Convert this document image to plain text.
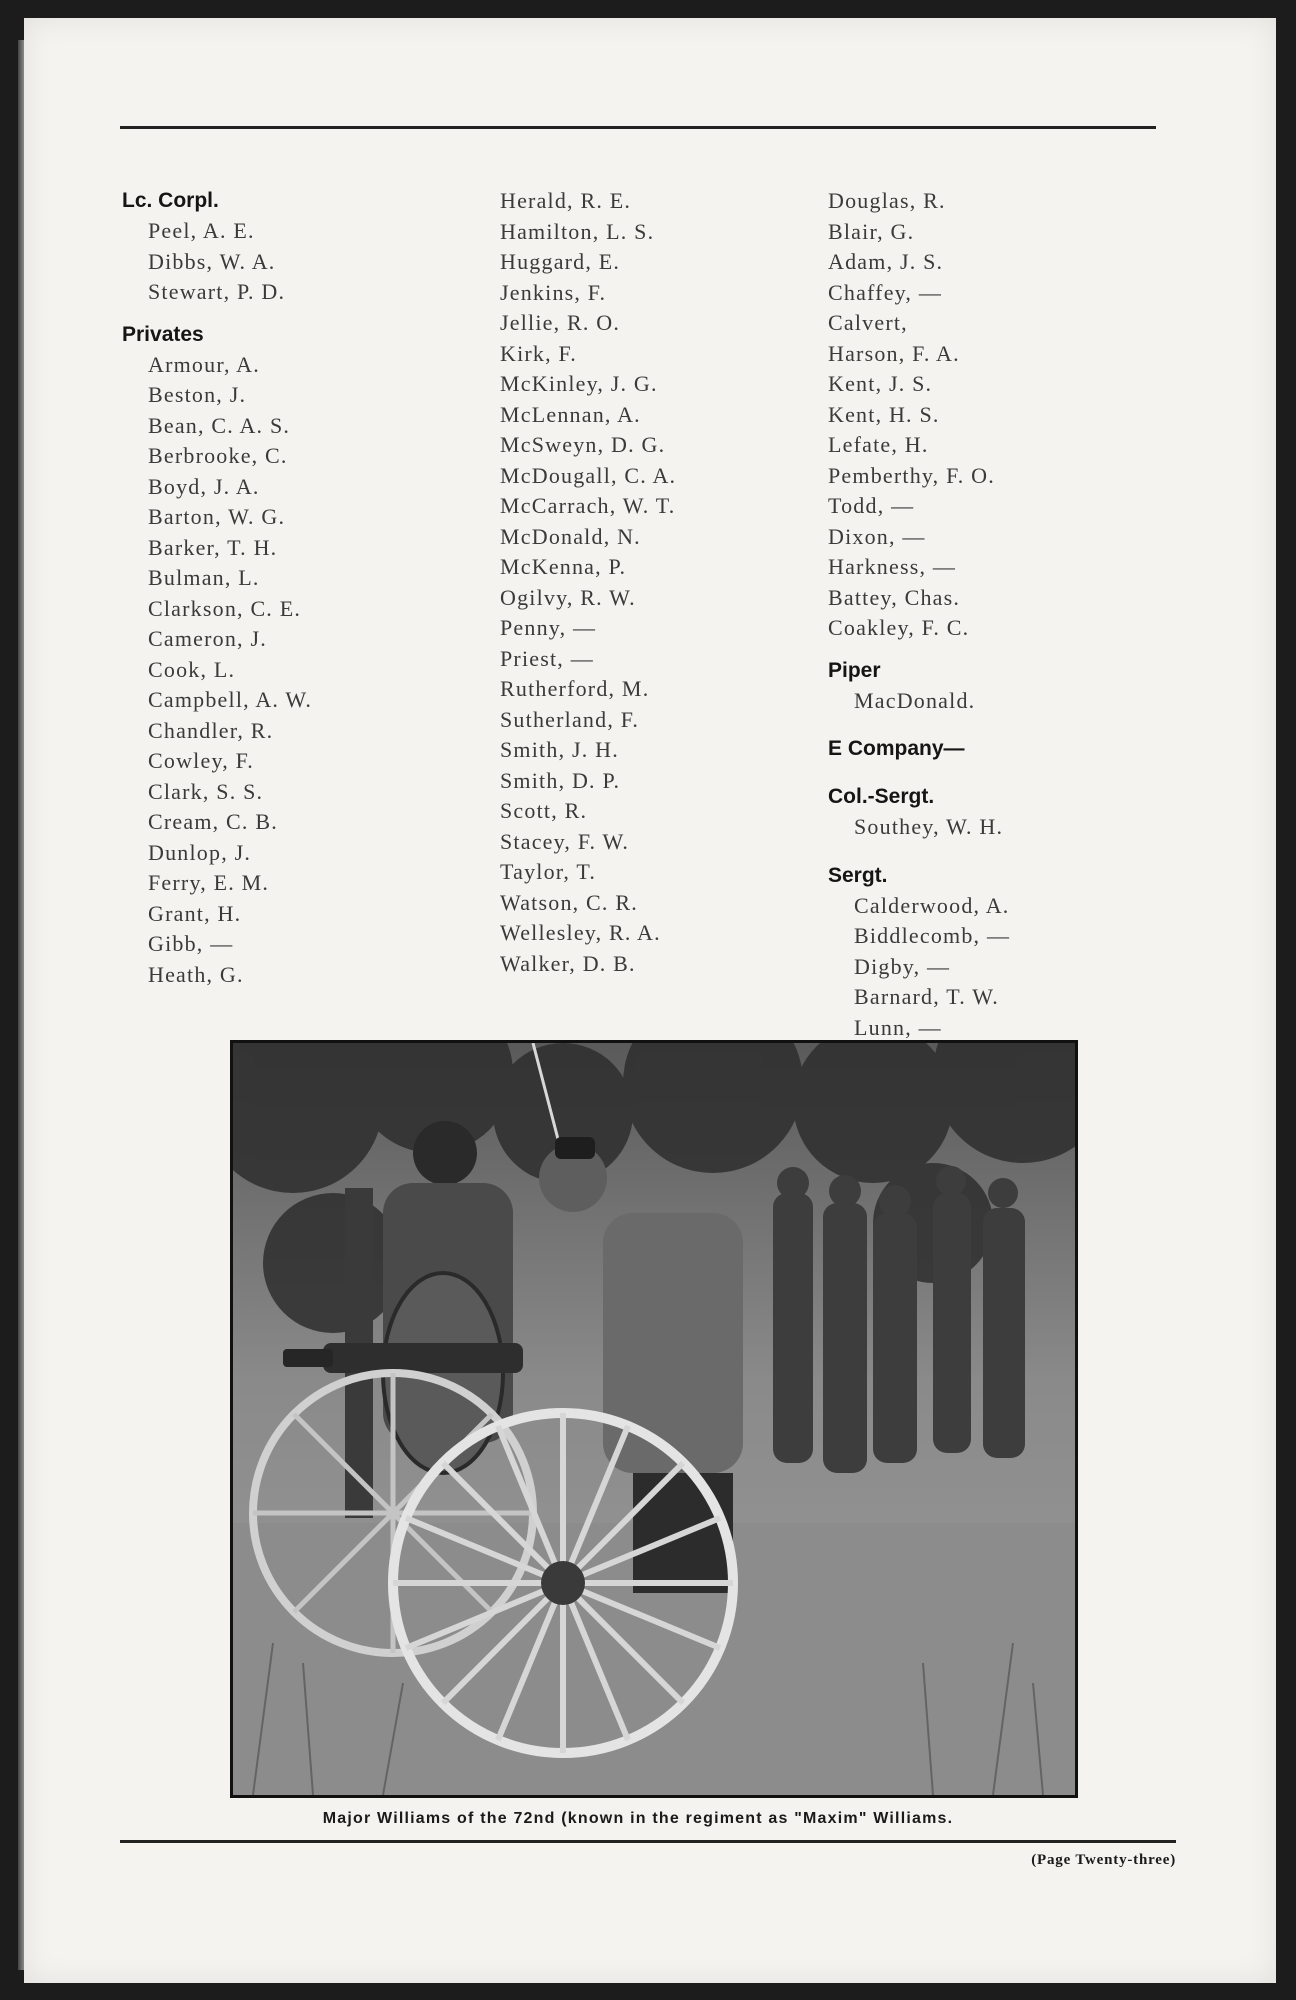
Lc. Corpl.
Peel, A. E.
Dibbs, W. A.
Stewart, P. D.
Privates
Armour, A.
Beston, J.
Bean, C. A. S.
Berbrooke, C.
Boyd, J. A.
Barton, W. G.
Barker, T. H.
Bulman, L.
Clarkson, C. E.
Cameron, J.
Cook, L.
Campbell, A. W.
Chandler, R.
Cowley, F.
Clark, S. S.
Cream, C. B.
Dunlop, J.
Ferry, E. M.
Grant, H.
Gibb, —
Heath, G.
Herald, R. E.
Hamilton, L. S.
Huggard, E.
Jenkins, F.
Jellie, R. O.
Kirk, F.
McKinley, J. G.
McLennan, A.
McSweyn, D. G.
McDougall, C. A.
McCarrach, W. T.
McDonald, N.
McKenna, P.
Ogilvy, R. W.
Penny, —
Priest, —
Rutherford, M.
Sutherland, F.
Smith, J. H.
Smith, D. P.
Scott, R.
Stacey, F. W.
Taylor, T.
Watson, C. R.
Wellesley, R. A.
Walker, D. B.
Douglas, R.
Blair, G.
Adam, J. S.
Chaffey, —
Calvert,
Harson, F. A.
Kent, J. S.
Kent, H. S.
Lefate, H.
Pemberthy, F. O.
Todd, —
Dixon, —
Harkness, —
Battey, Chas.
Coakley, F. C.
Piper
MacDonald.
E Company—
Col.-Sergt.
Southey, W. H.
Sergt.
Calderwood, A.
Biddlecomb, —
Digby, —
Barnard, T. W.
Lunn, —
Major Williams of the 72nd (known in the regiment as "Maxim" Williams.
(Page Twenty-three)
